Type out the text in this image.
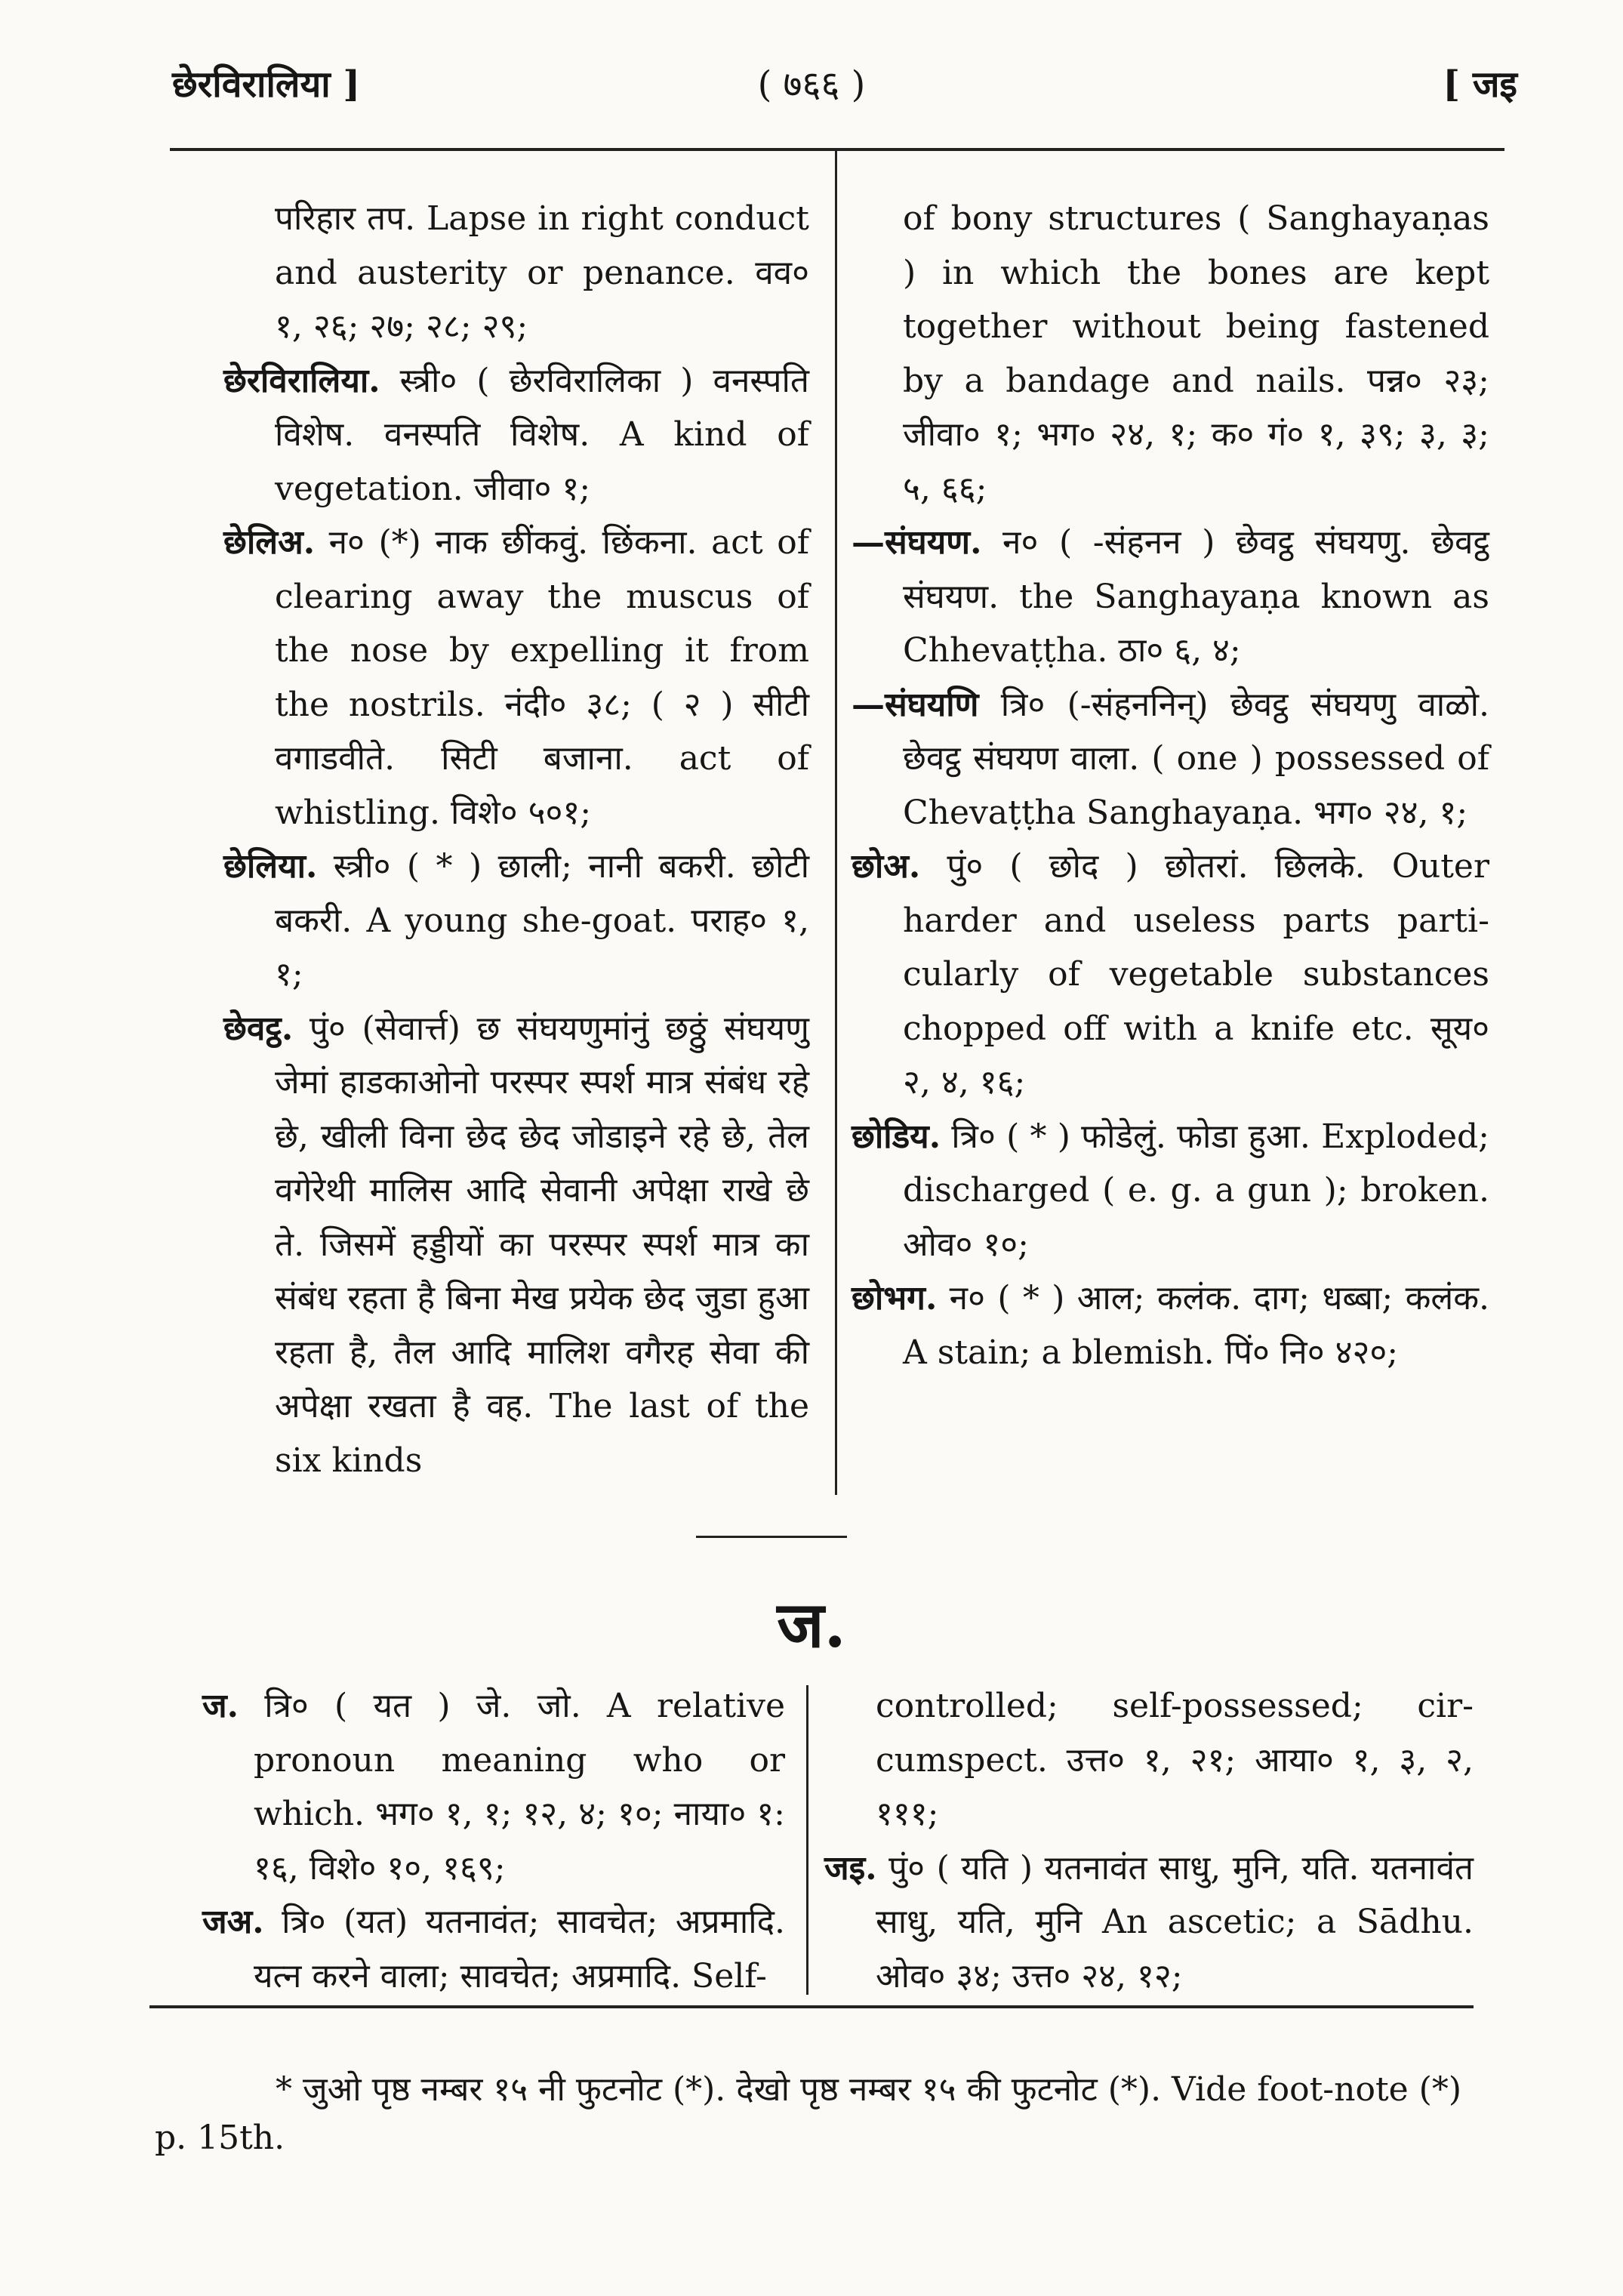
छेरविरालिया ]	( ७६६ )	[ जइ

परिहार तप. Lapse in right conduct and austerity or penance. वव० १, २६; २७; २८; २९;

छेरविरालिया. स्त्री० ( छेरविरालिका ) वनस्पति विशेष. वनस्पति विशेष. A kind of vegetation. जीवा० १;

छेलिअ. न० (*) नाक छींकवुं. छिंकना. act of clearing away the muscus of the nose by expelling it from the nostrils. नंदी० ३८; ( २ ) सीटी वगाडवीते. सिटी बजाना. act of whistling. विशे० ५०१;

छेलिया. स्त्री० ( * ) छाली; नानी बकरी. छोटी बकरी. A young she-goat. पराह० १, १;

छेवट्ठ. पुं० (सेवार्त्त) छ संघयणुमांनुं छठ्ठुं संघयणु जेमां हाडकाओनो परस्पर स्पर्श मात्र संबंध रहे छे, खीली विना छेद छेद जोडाइने रहे छे, तेल वगेरेथी मालिस आदि सेवानी अपेक्षा राखे छे ते. जिसमें हड्डीयों का परस्पर स्पर्श मात्र का संबंध रहता है बिना मेख प्रयेक छेद जुडा हुआ रहता है, तैल आदि मालिश वगैरह सेवा की अपेक्षा रखता है वह. The last of the six kinds

of bony structures ( Sanghayaṇas ) in which the bones are kept together without being fastened by a bandage and nails. पन्न० २३; जीवा० १; भग० २४, १; क० गं० १, ३९; ३, ३; ५, ६६;

—संघयण. न० ( -संहनन ) छेवट्ठ संघयणु. छेवट्ठ संघयण. the Sanghayaṇa known as Chhevaṭṭha. ठा० ६, ४;

—संघयणि त्रि० (-संहननिन्) छेवट्ठ संघयणु वाळो. छेवट्ठ संघयण वाला. ( one ) possessed of Chevaṭṭha Sanghayaṇa. भग० २४, १;

छोअ. पुं० ( छोद ) छोतरां. छिलके. Outer harder and useless parts particularly of vegetable substances chopped off with a knife etc. सूय० २, ४, १६;

छोडिय. त्रि० ( * ) फोडेलुं. फोडा हुआ. Exploded; discharged ( e. g. a gun ); broken. ओव० १०;

छोभग. न० ( * ) आल; कलंक. दाग; धब्बा; कलंक. A stain; a blemish. पिं० नि० ४२०;

ज.

ज. त्रि० ( यत ) जे. जो. A relative pronoun meaning who or which. भग० १, १; १२, ४; १०; नाया० १: १६, विशे० १०, १६९;

जअ. त्रि० (यत) यतनावंत; सावचेत; अप्रमादि. यत्न करने वाला; सावचेत; अप्रमादि. Self-

controlled; self-possessed; circumspect. उत्त० १, २१; आया० १, ३, २, १११;

जइ. पुं० ( यति ) यतनावंत साधु, मुनि, यति. यतनावंत साधु, यति, मुनि An ascetic; a Sādhu. ओव० ३४; उत्त० २४, १२;

* जुओ पृष्ठ नम्बर १५ नी फुटनोट (*). देखो पृष्ठ नम्बर १५ की फुटनोट (*). Vide foot-note (*) p. 15th.
